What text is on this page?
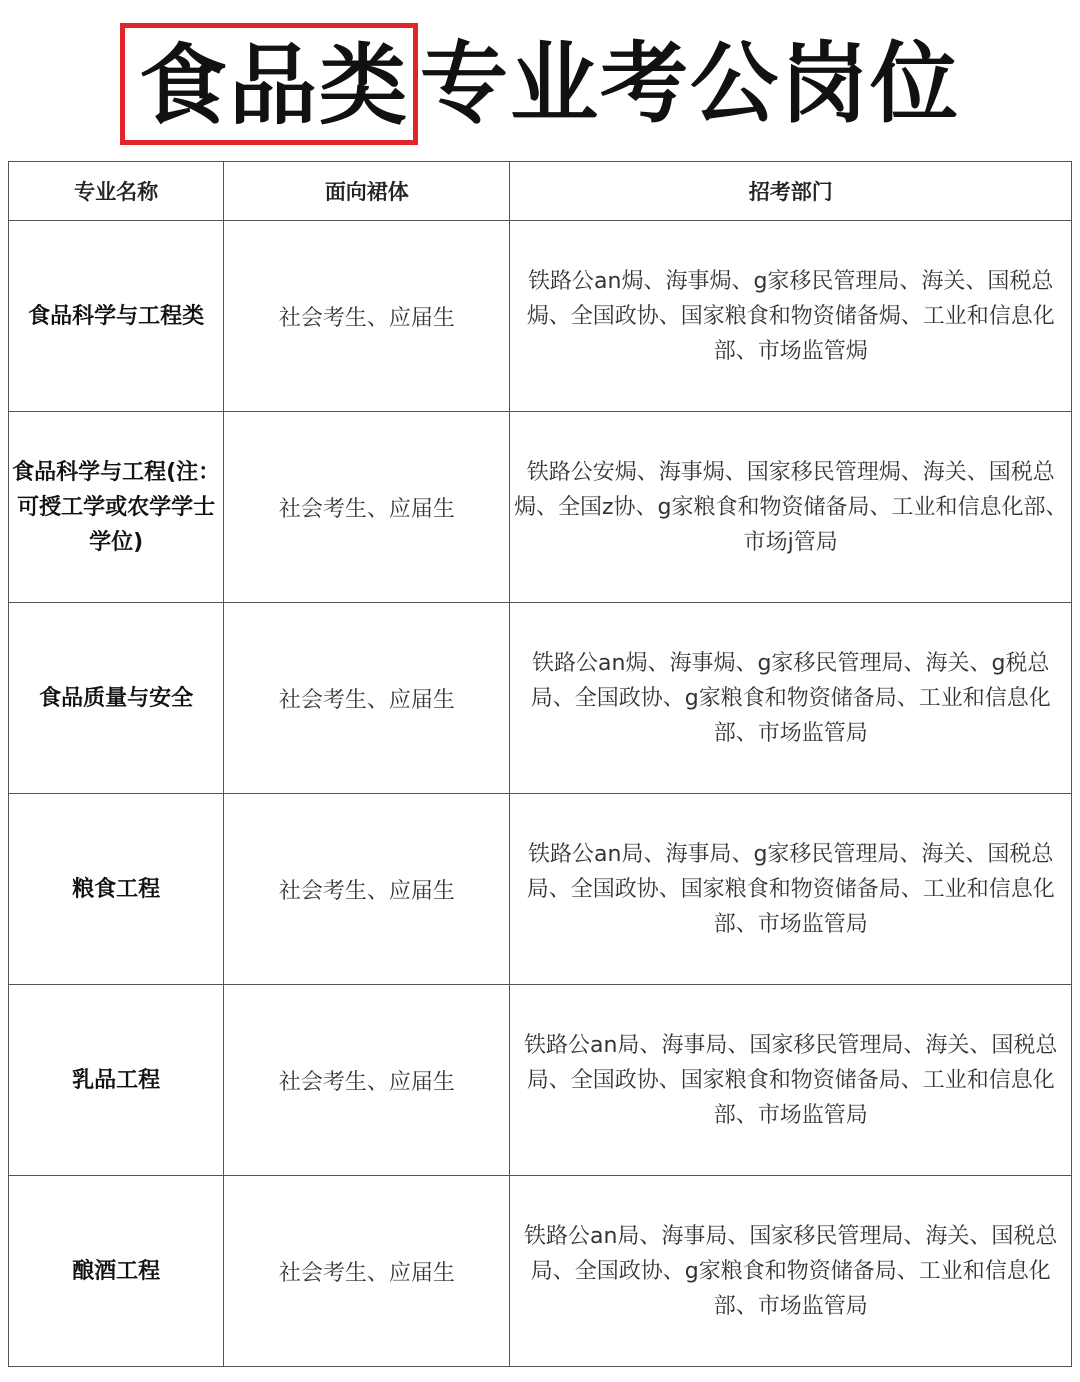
食品类 专业考公岗位
专业名称	面向裙体	招考部门
食品科学与工程类	社会考生、应届生	铁路公an焗、海事焗、g家移民管理局、海关、国税总焗、全国政协、国家粮食和物资储备焗、工业和信息化部、市场监管焗
食品科学与工程(注：可授工学或农学学士学位)	社会考生、应届生	铁路公安焗、海事焗、国家移民管理焗、海关、国税总焗、全国z协、g家粮食和物资储备局、工业和信息化部、市场j管局
食品质量与安全	社会考生、应届生	铁路公an焗、海事焗、g家移民管理局、海关、g税总局、全国政协、g家粮食和物资储备局、工业和信息化部、市场监管局
粮食工程	社会考生、应届生	铁路公an局、海事局、g家移民管理局、海关、国税总局、全国政协、国家粮食和物资储备局、工业和信息化部、市场监管局
乳品工程	社会考生、应届生	铁路公an局、海事局、国家移民管理局、海关、国税总局、全国政协、国家粮食和物资储备局、工业和信息化部、市场监管局
酿酒工程	社会考生、应届生	铁路公an局、海事局、国家移民管理局、海关、国税总局、全国政协、g家粮食和物资储备局、工业和信息化部、市场监管局
